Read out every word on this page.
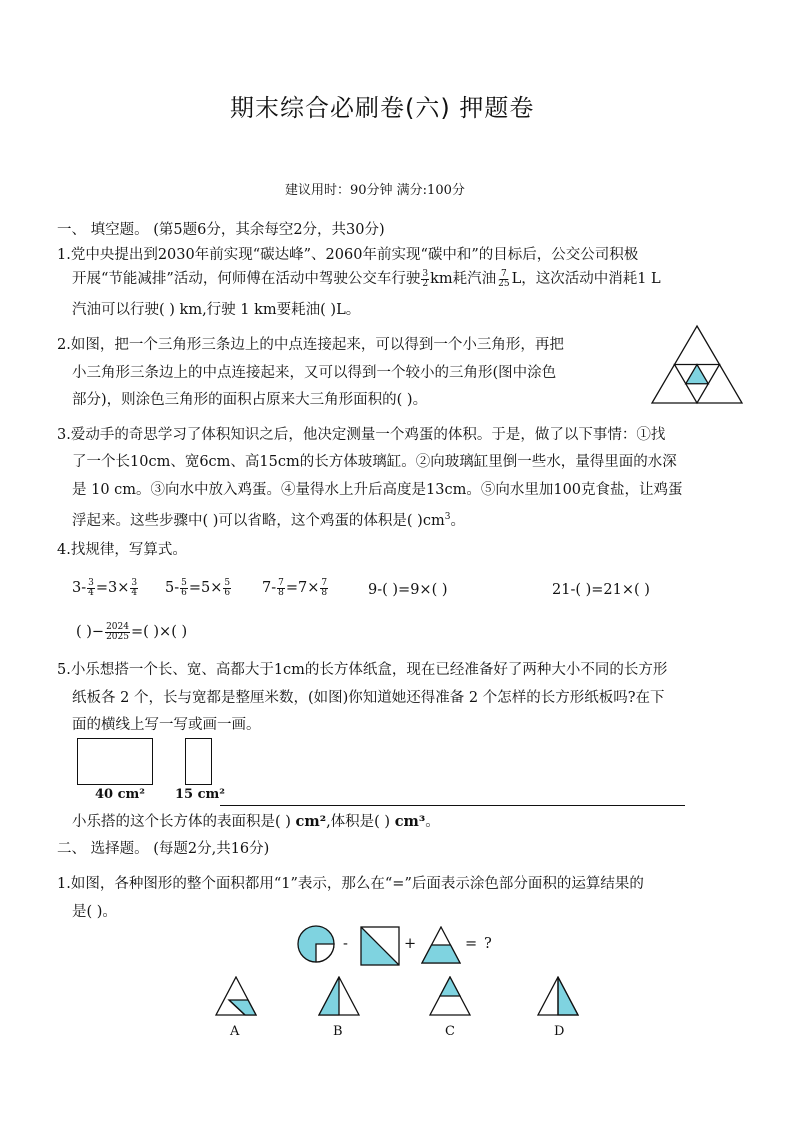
期末综合必刷卷(六) 押题卷
建议用时：90分钟 满分:100分
一、 填空题。 (第5题6分，其余每空2分，共30分)
1.党中央提出到2030年前实现“碳达峰”、2060年前实现“碳中和”的目标后，公交公司积极
开展“节能减排”活动，何师傅在活动中驾驶公交车行驶 $\frac{3}{2}$ km耗汽油 $\frac{7}{25}$ L，这次活动中消耗1 L
汽油可以行驶( ) km,行驶 1 km要耗油( )L。
2.如图，把一个三角形三条边上的中点连接起来，可以得到一个小三角形，再把
小三角形三条边上的中点连接起来，又可以得到一个较小的三角形(图中涂色
部分)，则涂色三角形的面积占原来大三角形面积的( )。
3.爱动手的奇思学习了体积知识之后，他决定测量一个鸡蛋的体积。于是，做了以下事情：①找
了一个长10cm、宽6cm、高15cm的长方体玻璃缸。②向玻璃缸里倒一些水，量得里面的水深
是 10 cm。③向水中放入鸡蛋。④量得水上升后高度是13cm。⑤向水里加100克食盐，让鸡蛋
浮起来。这些步骤中( )可以省略，这个鸡蛋的体积是( )$cm^3$。
4.找规律，写算式。
$3- \frac{3}{4} =3\times \frac{3}{4} 5- \frac{5}{6} =5\times \frac{5}{6} 7- \frac{7}{8} =7\times \frac{7}{8}$	9-( )=9×( )	21-( )=21×( )
( )− $\frac{2024}{2025}$ =( )×( )
5.小乐想搭一个长、宽、高都大于1cm的长方体纸盒，现在已经准备好了两种大小不同的长方形
纸板各 2 个，长与宽都是整厘米数，(如图)你知道她还得准备 2 个怎样的长方形纸板吗?在下
面的横线上写一写或画一画。
40 cm² 15 cm²
小乐搭的这个长方体的表面积是( ) cm²,体积是( ) cm³。
二、 选择题。 (每题2分,共16分)
1.如图，各种图形的整个面积都用“1”表示，那么在“=”后面表示涂色部分面积的运算结果的
是( )。
-	+	= ?
A	B	C	D
